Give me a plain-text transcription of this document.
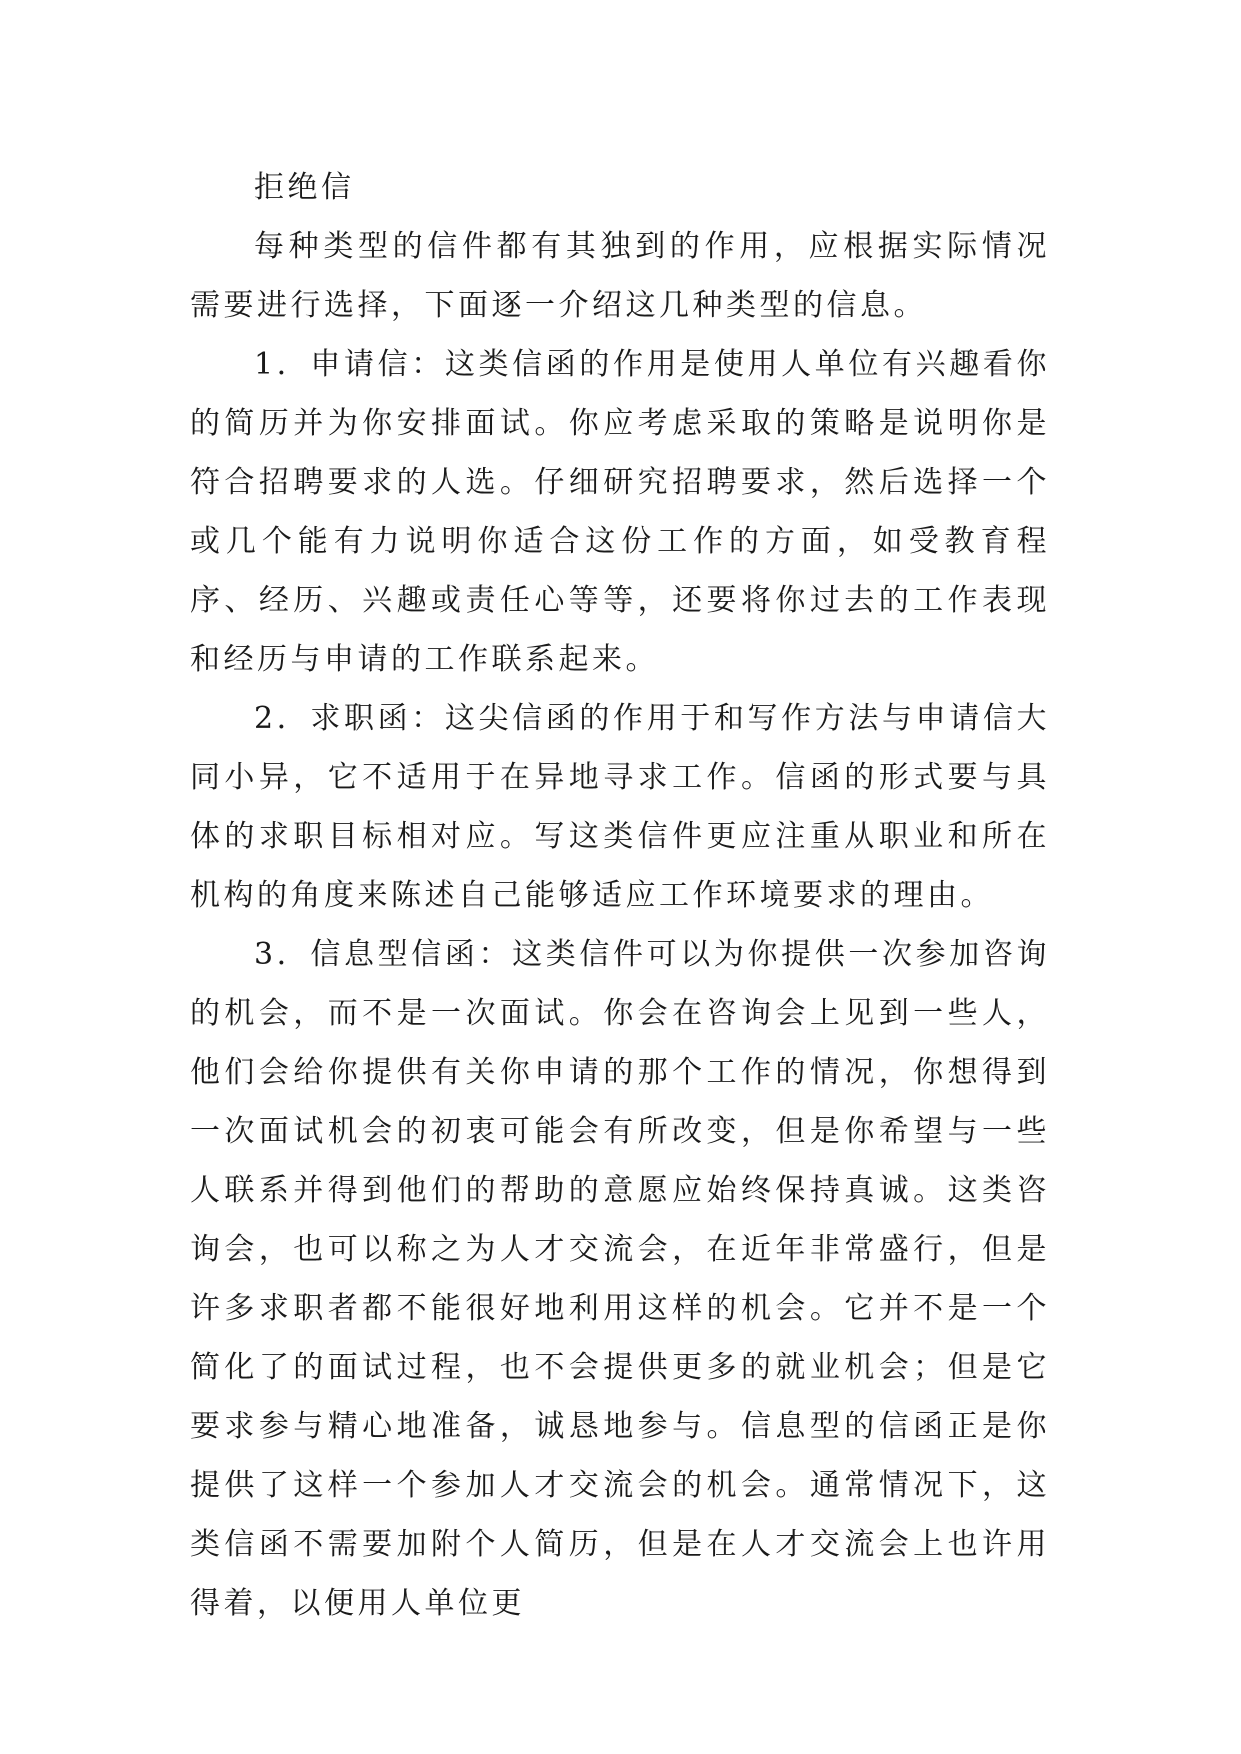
拒绝信

每种类型的信件都有其独到的作用，应根据实际情况需要进行选择，下面逐一介绍这几种类型的信息。

1．申请信：这类信函的作用是使用人单位有兴趣看你的简历并为你安排面试。你应考虑采取的策略是说明你是符合招聘要求的人选。仔细研究招聘要求，然后选择一个或几个能有力说明你适合这份工作的方面，如受教育程序、经历、兴趣或责任心等等，还要将你过去的工作表现和经历与申请的工作联系起来。

2．求职函：这尖信函的作用于和写作方法与申请信大同小异，它不适用于在异地寻求工作。信函的形式要与具体的求职目标相对应。写这类信件更应注重从职业和所在机构的角度来陈述自己能够适应工作环境要求的理由。

3．信息型信函：这类信件可以为你提供一次参加咨询的机会，而不是一次面试。你会在咨询会上见到一些人，他们会给你提供有关你申请的那个工作的情况，你想得到一次面试机会的初衷可能会有所改变，但是你希望与一些人联系并得到他们的帮助的意愿应始终保持真诚。这类咨询会，也可以称之为人才交流会，在近年非常盛行，但是许多求职者都不能很好地利用这样的机会。它并不是一个简化了的面试过程，也不会提供更多的就业机会；但是它要求参与精心地准备，诚恳地参与。信息型的信函正是你提供了这样一个参加人才交流会的机会。通常情况下，这类信函不需要加附个人简历，但是在人才交流会上也许用得着，以便用人单位更
